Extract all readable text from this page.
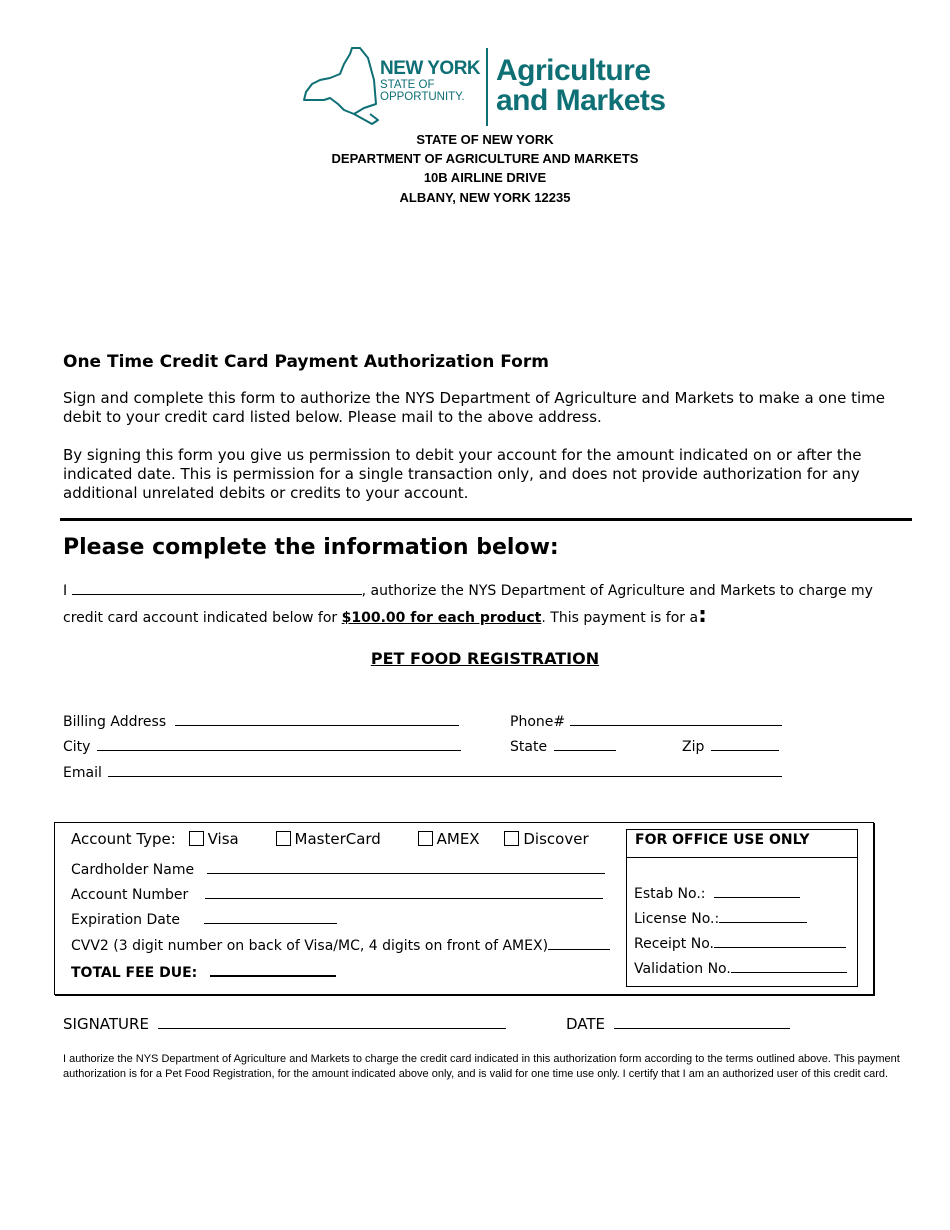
NEW YORK
STATE OF
OPPORTUNITY.
Agriculture
and Markets
STATE OF NEW YORK
DEPARTMENT OF AGRICULTURE AND MARKETS
10B AIRLINE DRIVE
ALBANY, NEW YORK 12235
One Time Credit Card Payment Authorization Form
Sign and complete this form to authorize the NYS Department of Agriculture and Markets to make a one time debit to your credit card listed below. Please mail to the above address.
By signing this form you give us permission to debit your account for the amount indicated on or after the indicated date. This is permission for a single transaction only, and does not provide authorization for any additional unrelated debits or credits to your account.
Please complete the information below:
I	, authorize the NYS Department of Agriculture and Markets to charge my
credit card account indicated below for $100.00 for each product. This payment is for a:
PET FOOD REGISTRATION
Billing Address	Phone#
City	State	Zip
Email
Account Type: Visa	MasterCard	AMEX	Discover
Cardholder Name
Account Number
Expiration Date
CVV2 (3 digit number on back of Visa/MC, 4 digits on front of AMEX)
TOTAL FEE DUE:
FOR OFFICE USE ONLY
Estab No.:
License No.:
Receipt No.
Validation No.
SIGNATURE	DATE
I authorize the NYS Department of Agriculture and Markets to charge the credit card indicated in this authorization form according to the terms outlined above. This payment authorization is for a Pet Food Registration, for the amount indicated above only, and is valid for one time use only. I certify that I am an authorized user of this credit card.
